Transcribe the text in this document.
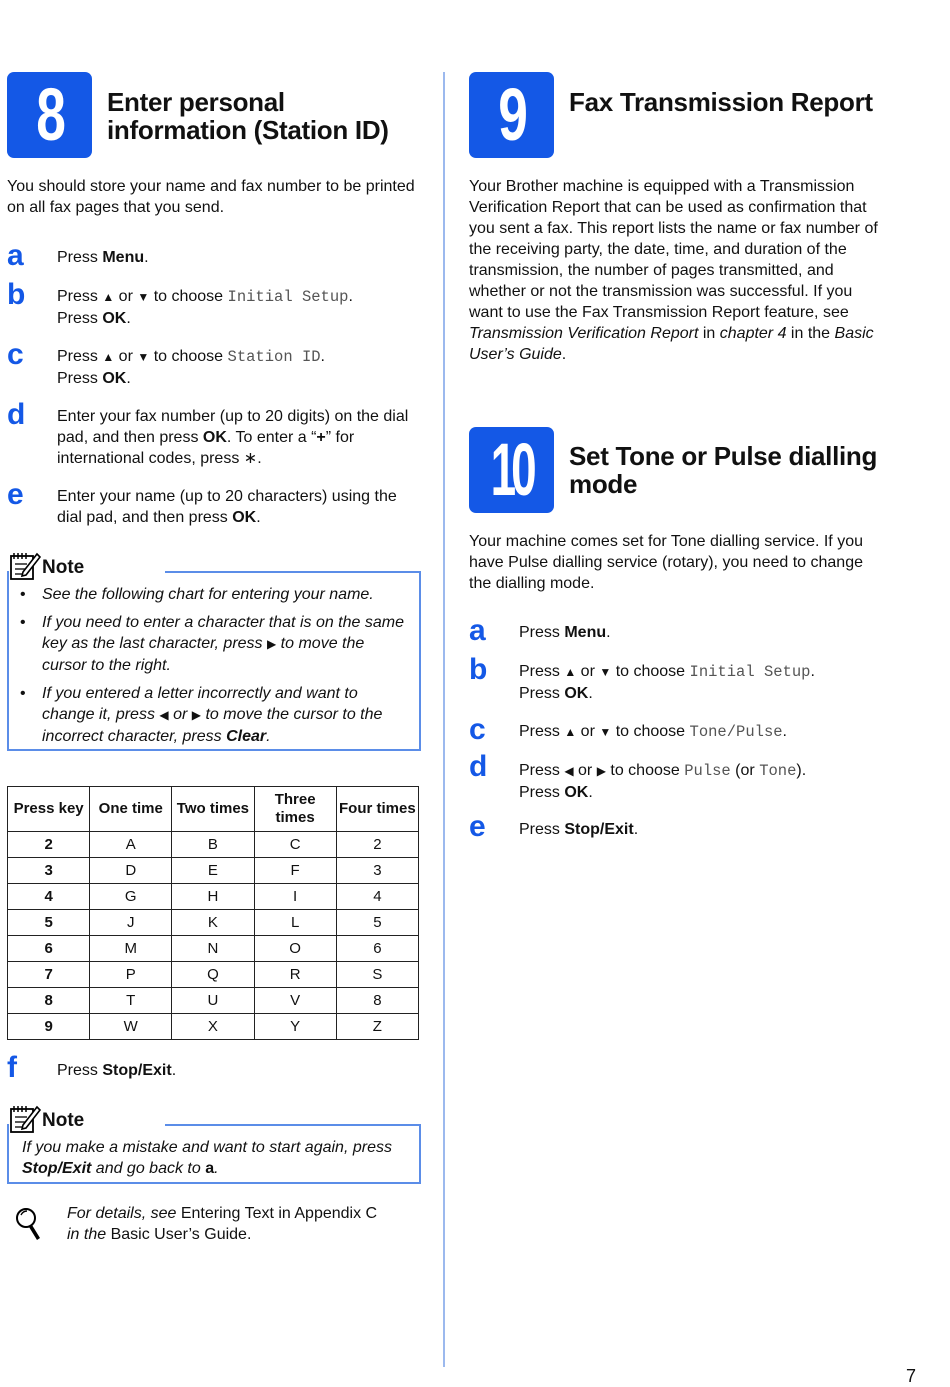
8 Enter personal
information (Station ID)
You should store your name and fax number to be printed on all fax pages that you send.
a Press Menu.
b Press ▲ or ▼ to choose Initial Setup.
Press OK.
c Press ▲ or ▼ to choose Station ID.
Press OK.
d Enter your fax number (up to 20 digits) on the dial pad, and then press OK. To enter a “+” for international codes, press ∗.
e Enter your name (up to 20 characters) using the dial pad, and then press OK.
Note
• See the following chart for entering your name.
• If you need to enter a character that is on the same key as the last character, press ▶ to move the cursor to the right.
• If you entered a letter incorrectly and want to change it, press ◀ or ▶ to move the cursor to the incorrect character, press Clear.
Press key	One time	Two times	Three times	Four times
2	A	B	C	2
3	D	E	F	3
4	G	H	I	4
5	J	K	L	5
6	M	N	O	6
7	P	Q	R	S
8	T	U	V	8
9	W	X	Y	Z
f	Press Stop/Exit.
Note
If you make a mistake and want to start again, press Stop/Exit and go back to a.
For details, see Entering Text in Appendix C
in the Basic User’s Guide.
9 Fax Transmission Report
Your Brother machine is equipped with a Transmission Verification Report that can be used as confirmation that you sent a fax. This report lists the name or fax number of the receiving party, the date, time, and duration of the transmission, the number of pages transmitted, and whether or not the transmission was successful. If you want to use the Fax Transmission Report feature, see Transmission Verification Report in chapter 4 in the Basic User’s Guide.
10 Set Tone or Pulse dialling
mode
Your machine comes set for Tone dialling service. If you have Pulse dialling service (rotary), you need to change the dialling mode.
a Press Menu.
b Press ▲ or ▼ to choose Initial Setup.
Press OK.
c Press ▲ or ▼ to choose Tone/Pulse.
d Press ◀ or ▶ to choose Pulse (or Tone).
Press OK.
e Press Stop/Exit.
7
